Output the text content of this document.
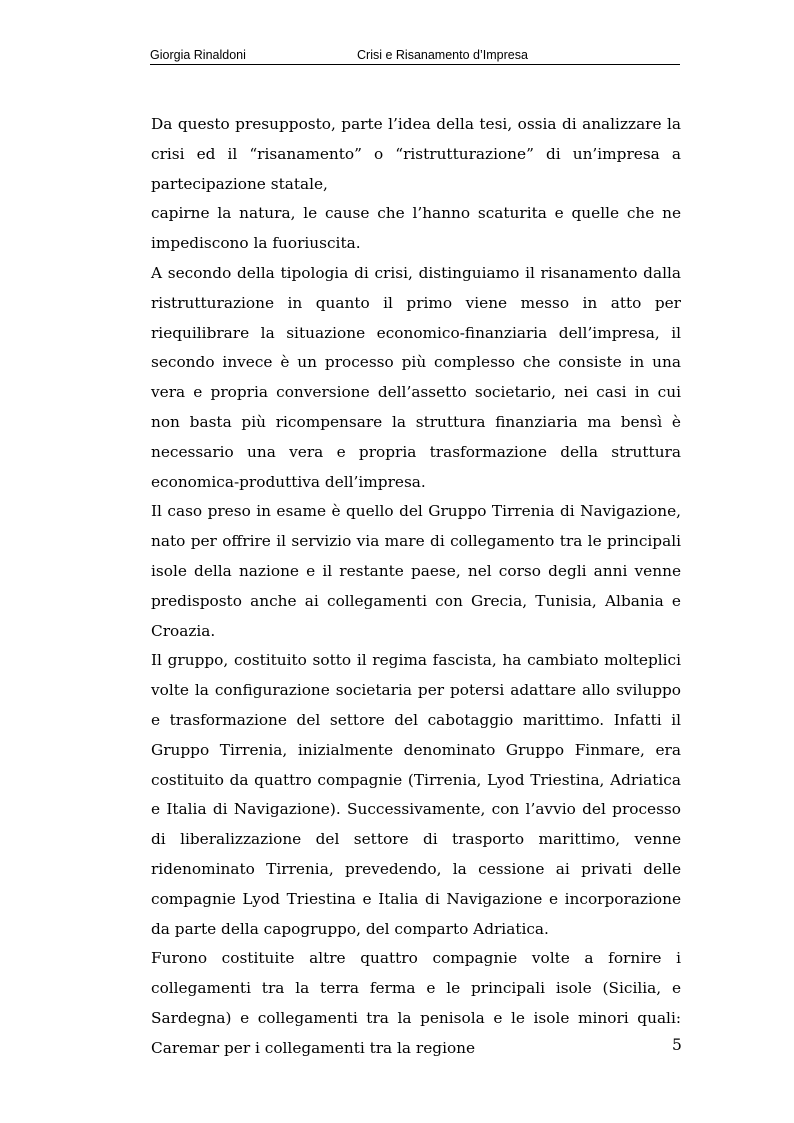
Giorgia Rinaldoni	Crisi e Risanamento d’Impresa

Da questo presupposto, parte l’idea della tesi, ossia di analizzare la crisi ed il “risanamento” o “ristrutturazione” di un’impresa a partecipazione statale,

capirne la natura, le cause che l’hanno scaturita e quelle che ne impediscono la fuoriuscita.

A secondo della tipologia di crisi, distinguiamo il risanamento dalla ristrutturazione in quanto il primo viene messo in atto per riequilibrare la situazione economico-finanziaria dell’impresa, il secondo invece è un processo più complesso che consiste in una vera e propria conversione dell’assetto societario, nei casi in cui non basta più ricompensare la struttura finanziaria ma bensì è necessario una vera e propria trasformazione della struttura economica-produttiva dell’impresa.

Il caso preso in esame è quello del Gruppo Tirrenia di Navigazione, nato per offrire il servizio via mare di collegamento tra le principali isole della nazione e il restante paese, nel corso degli anni venne predisposto anche ai collegamenti con Grecia, Tunisia, Albania e Croazia.

Il gruppo, costituito sotto il regima fascista, ha cambiato molteplici volte la configurazione societaria per potersi adattare allo sviluppo e trasformazione del settore del cabotaggio marittimo. Infatti il Gruppo Tirrenia, inizialmente denominato Gruppo Finmare, era costituito da quattro compagnie (Tirrenia, Lyod Triestina, Adriatica e Italia di Navigazione). Successivamente, con l’avvio del processo di liberalizzazione del settore di trasporto marittimo, venne ridenominato Tirrenia, prevedendo, la cessione ai privati delle compagnie Lyod Triestina e Italia di Navigazione e incorporazione da parte della capogruppo, del comparto Adriatica.

Furono costituite altre quattro compagnie volte a fornire i collegamenti tra la terra ferma e le principali isole (Sicilia, e Sardegna) e collegamenti tra la penisola e le isole minori quali: Caremar per i collegamenti tra la regione	5
